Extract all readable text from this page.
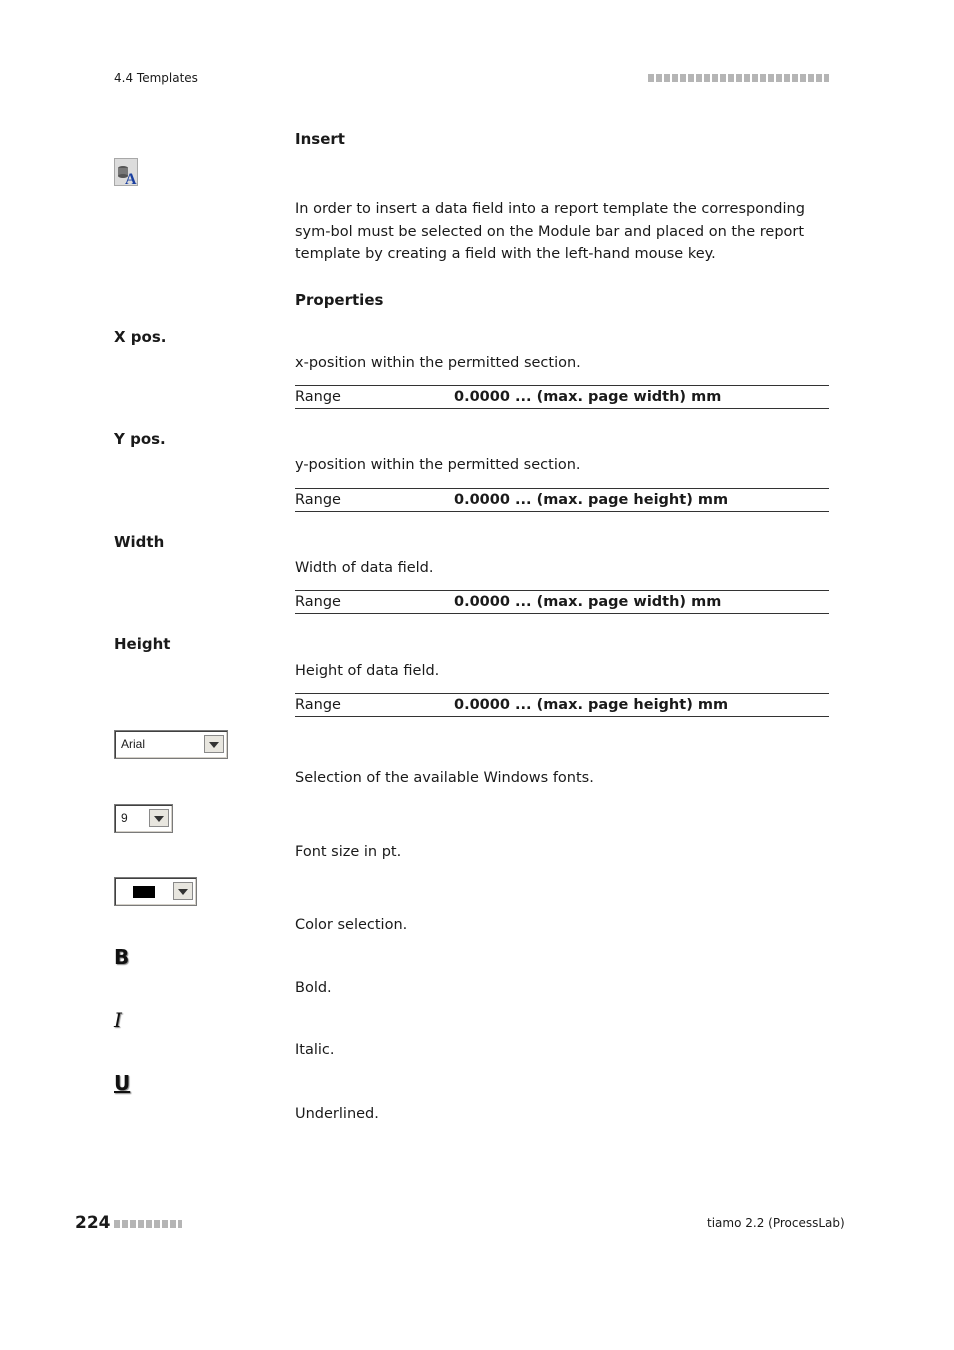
4.4 Templates
Insert
A
In order to insert a data field into a report template the corresponding sym-bol must be selected on the Module bar and placed on the report template by creating a field with the left-hand mouse key.
Properties
X pos.
x-position within the permitted section.
Range	0.0000 ... (max. page width) mm
Y pos.
y-position within the permitted section.
Range	0.0000 ... (max. page height) mm
Width
Width of data field.
Range	0.0000 ... (max. page width) mm
Height
Height of data field.
Range	0.0000 ... (max. page height) mm
Arial
Selection of the available Windows fonts.
9
Font size in pt.
Color selection.
B
Bold.
I
Italic.
U
Underlined.
224	tiamo 2.2 (ProcessLab)
